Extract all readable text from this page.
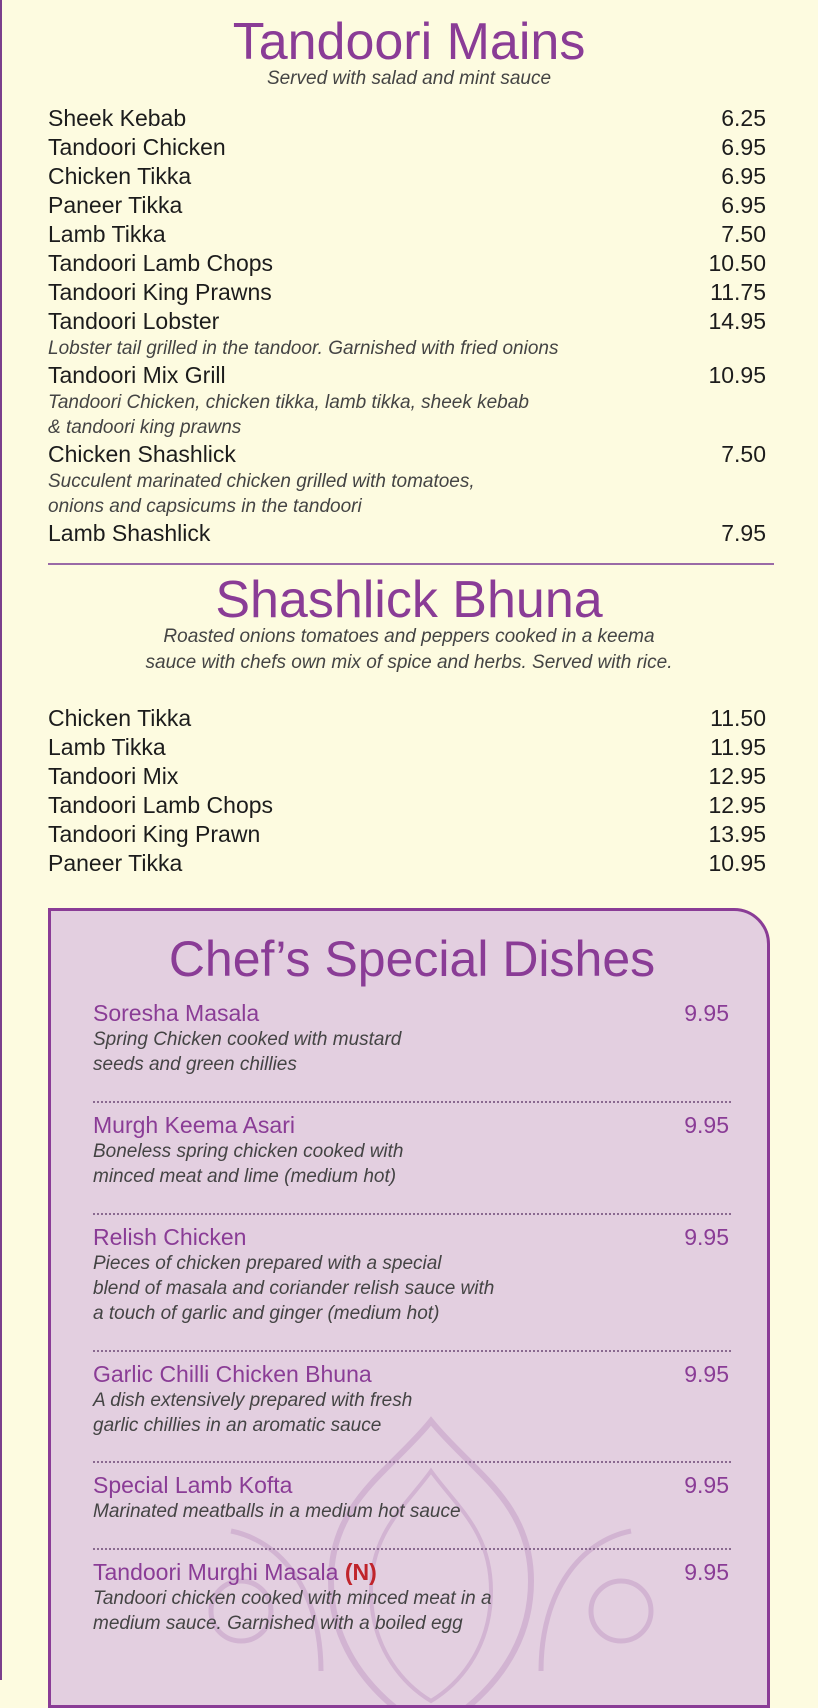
Tandoori Mains
Served with salad and mint sauce
Sheek Kebab	6.25
Tandoori Chicken	6.95
Chicken Tikka	6.95
Paneer Tikka	6.95
Lamb Tikka	7.50
Tandoori Lamb Chops	10.50
Tandoori King Prawns	11.75
Tandoori Lobster	14.95
Lobster tail grilled in the tandoor. Garnished with fried onions
Tandoori Mix Grill	10.95
Tandoori Chicken, chicken tikka, lamb tikka, sheek kebab
& tandoori king prawns
Chicken Shashlick	7.50
Succulent marinated chicken grilled with tomatoes,
onions and capsicums in the tandoori
Lamb Shashlick	7.95
Shashlick Bhuna
Roasted onions tomatoes and peppers cooked in a keema
sauce with chefs own mix of spice and herbs. Served with rice.
Chicken Tikka	11.50
Lamb Tikka	11.95
Tandoori Mix	12.95
Tandoori Lamb Chops	12.95
Tandoori King Prawn	13.95
Paneer Tikka	10.95
Chef’s Special Dishes
Soresha Masala	9.95
Spring Chicken cooked with mustard
seeds and green chillies
Murgh Keema Asari	9.95
Boneless spring chicken cooked with
minced meat and lime (medium hot)
Relish Chicken	9.95
Pieces of chicken prepared with a special
blend of masala and coriander relish sauce with
a touch of garlic and ginger (medium hot)
Garlic Chilli Chicken Bhuna	9.95
A dish extensively prepared with fresh
garlic chillies in an aromatic sauce
Special Lamb Kofta	9.95
Marinated meatballs in a medium hot sauce
Tandoori Murghi Masala (N)	9.95
Tandoori chicken cooked with minced meat in a
medium sauce. Garnished with a boiled egg
